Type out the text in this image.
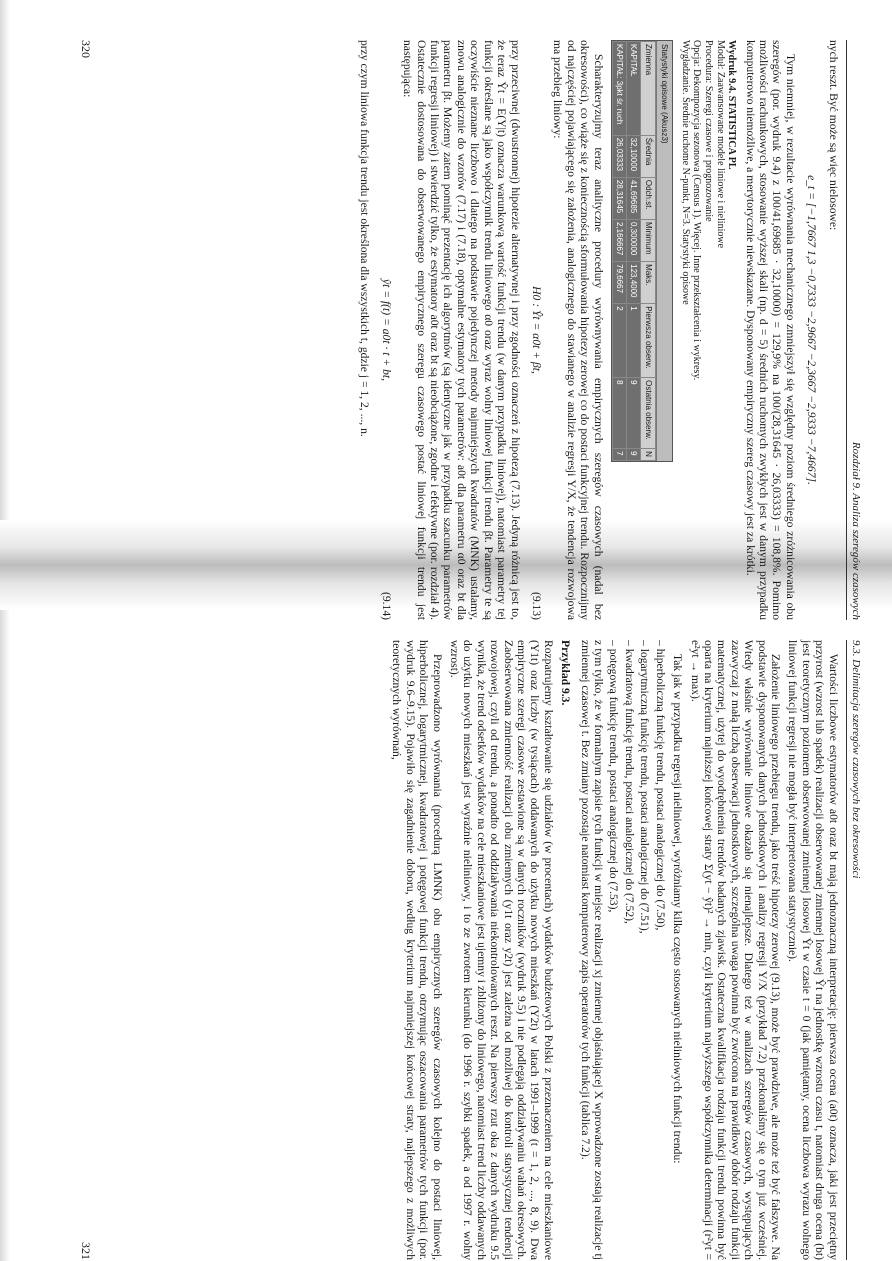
Rozdział 9. Analiza szeregów czasowych

nych reszt. Być może są więc nielosowe:

e_t = [−1,7667 1,3 −0,7333 −2,9667 −2,3667 −2,9333 −7,4667].

Tym niemniej, w rezultacie wyrównania mechanicznego zmniejszył się względny poziom średniego zróżnicowania obu szeregów (por. wydruk 9.4) z 100/41,69685 · 32,10000) = 129,9% na 100/(28,31645 · 26,03333) = 108,8%. Pomimo możliwości rachunkowych, stosowanie wyższej skali (np. d = 5) średnich ruchomych zwykłych jest w danym przypadku komputerowo niemożliwe, a merytorycznie niewskazane. Dysponowany empiryczny szereg czasowy jest za krótki.

Wydruk 9.4. STATISTICA PL
Moduł: Zaawansowane modele liniowe i nieliniowe
Procedura: Szeregi czasowe i prognozowanie
Opcja: Dekompozycja sezonowa (Census 1). Więcej. Inne przekształcenia i wykresy.
Wygładzanie. Średnie ruchome N-punkt, N=3. Statystyki opisowe
Statystyki opisowe (Akusz3)
Zmienna	Średnia	Odch.st.	Minimum	Maks.	Pierwsza obserw.	Ostatnia obserw.	N
KAPITAŁ	32,10000	41,69685	0,300000	123,4000	1	9	9
KAPITAŁ: 3pkt śr. ruch	26,03333	28,31645	2,166667	79,6667	2	8	7

Scharakteryzujmy teraz analityczne procedury wyrównywania empirycznych szeregów czasowych (nadal bez okresowości), co wiąże się z koniecznością sformułowania hipotezy zerowej co do postaci funkcyjnej trendu. Rozpocznijmy od najczęściej pojawiającego się założenia, analogicznego do stawianego w analizie regresji Y/X, że tendencja rozwojowa ma przebieg liniowy:

H0 : Ŷt = α0t + βt,
(9.13)

przy przeciwnej (dwustronnej) hipotezie alternatywnej i przy zgodności oznaczeń z hipotezą (7.13). Jedyną różnicą jest to, że teraz Ŷt = E(Y|t) oznacza warunkową wartość funkcji trendu (w danym przypadku liniowej), natomiast parametry tej funkcji określane są jako współczynnik trendu liniowego α0 oraz wyraz wolny liniowej funkcji trendu βt. Parametry te są oczywiście nieznane liczbowo i dlatego na podstawie pojedynczej metody najmniejszych kwadratów (MNK) ustalamy, znowu analogicznie do wzorów (7.17) i (7.18), optymalne estymatory tych parametrów: a0t dla parametru α0 oraz bt dla parametru βt. Możemy zatem pominąć prezentację ich algorytmów (są identyczne jak w przypadku szacunku parametrów funkcji regresji liniowej) i stwierdzić tylko, że estymatory a0t oraz bt są nieobciążone, zgodne i efektywne (por. rozdział 4). Ostatecznie dostosowana do obserwowanego empirycznego szeregu czasowego postać liniowej funkcji trendu jest następująca:

ŷt = f(t) = a0t · t + bt,
(9.14)

przy czym liniowa funkcja trendu jest określona dla wszystkich t, gdzie j = 1, 2, ..., n.

320
9.3. Delimitacja szeregów czasowych bez okresowości

Wartości liczbowe estymatorów a0t oraz bt mają jednoznaczną interpretację: pierwsza ocena (a0t) oznacza, jaki jest przeciętny przyrost (wzrost lub spadek) realizacji obserwowanej zmiennej losowej Ŷt na jednostkę wzrostu czasu t, natomiast druga ocena (bt) jest teoretycznym poziomem obserwowanej zmiennej losowej Ŷt w czasie t = 0 (jak pamiętamy, ocena liczbowa wyrazu wolnego liniowej funkcji regresji nie mogła być interpretowana statystycznie).

Założenie liniowego przebiegu trendu, jako treść hipotezy zerowej (9.13), może być prawdziwe, ale może też być fałszywe. Na podstawie dysponowanych danych jednostkowych i analizy regresji Y/X (przykład 7.2) przekonaliśmy się o tym już wcześniej. Wtedy właśnie wyrównanie liniowe okazało się nienajlepsze. Dlatego też w analizach szeregów czasowych, występujących zazwyczaj z małą liczbą obserwacji jednostkowych, szczególna uwaga powinna być zwrócona na prawidłowy dobór rodzaju funkcji matematycznej, użytej do wyodrębnienia trendów badanych zjawisk. Ostateczna kwalifikacja rodzaju funkcji trendu powinna być oparta na kryterium najniższej końcowej straty Σ(yt − ŷt)² → min, czyli kryterium najwyższego współczynnika determinacji (r²yt = e²yt → max).

Tak jak w przypadku regresji nieliniowej, wyróżniamy kilka często stosowanych nieliniowych funkcji trendu:

– hiperboliczną funkcję trendu, postaci analogicznej do (7.50),

– logarytmiczną funkcję trendu, postaci analogicznej do (7.51),

– kwadratową funkcję trendu, postaci analogicznej do (7.52),

– potęgową funkcję trendu, postaci analogicznej do (7.53),

z tym tylko, że w formalnym zapisie tych funkcji w miejsce realizacji xj zmiennej objaśniającej X wprowadzone zostają realizacje tj zmiennej czasowej t. Bez zmiany pozostaje natomiast komputerowy zapis operatorów tych funkcji (tablica 7.2).

Przykład 9.3.

Rozpatrujemy kształtowanie się udziałów (w procentach) wydatków budżetowych Polski z przeznaczeniem na cele mieszkaniowe (Y1t) oraz liczby (w tysiącach) oddawanych do użytku nowych mieszkań (Y2t) w latach 1991–1999 (t = 1, 2, ..., 8, 9). Dwa empiryczne szeregi czasowe zestawione są w danych roczników (wydruk 9.5) i nie podlegają oddziaływaniu wahań okresowych. Zaobserwowana zmienność realizacji obu zmiennych (y1t oraz y2t) jest zależna od możliwej do kontroli statystycznej tendencji rozwojowej, czyli od trendu, a ponadto od oddziaływania niekontrolowanych reszt. Na pierwszy rzut oka z danych wydruku 9.5 wynika, że trend odsetków wydatków na cele mieszkaniowe jest ujemny i zbliżony do liniowego, natomiast trend liczby oddawanych do użytku nowych mieszkań jest wyraźnie nieliniowy, i to ze zwrotem kierunku (do 1996 r. szybki spadek, a od 1997 r. wolny wzrost).

Przeprowadzono wyrównania (procedurą LMNK) obu empirycznych szeregów czasowych kolejno do postaci liniowej, hiperbolicznej, logarytmicznej, kwadratowej i potęgowej funkcji trendu, otrzymując oszacowania parametrów tych funkcji (por. wydruk 9.6–9.15). Pojawiło się zagadnienie doboru, według kryterium najmniejszej końcowej straty, najlepszego z możliwych teoretycznych wyrównań,

321
